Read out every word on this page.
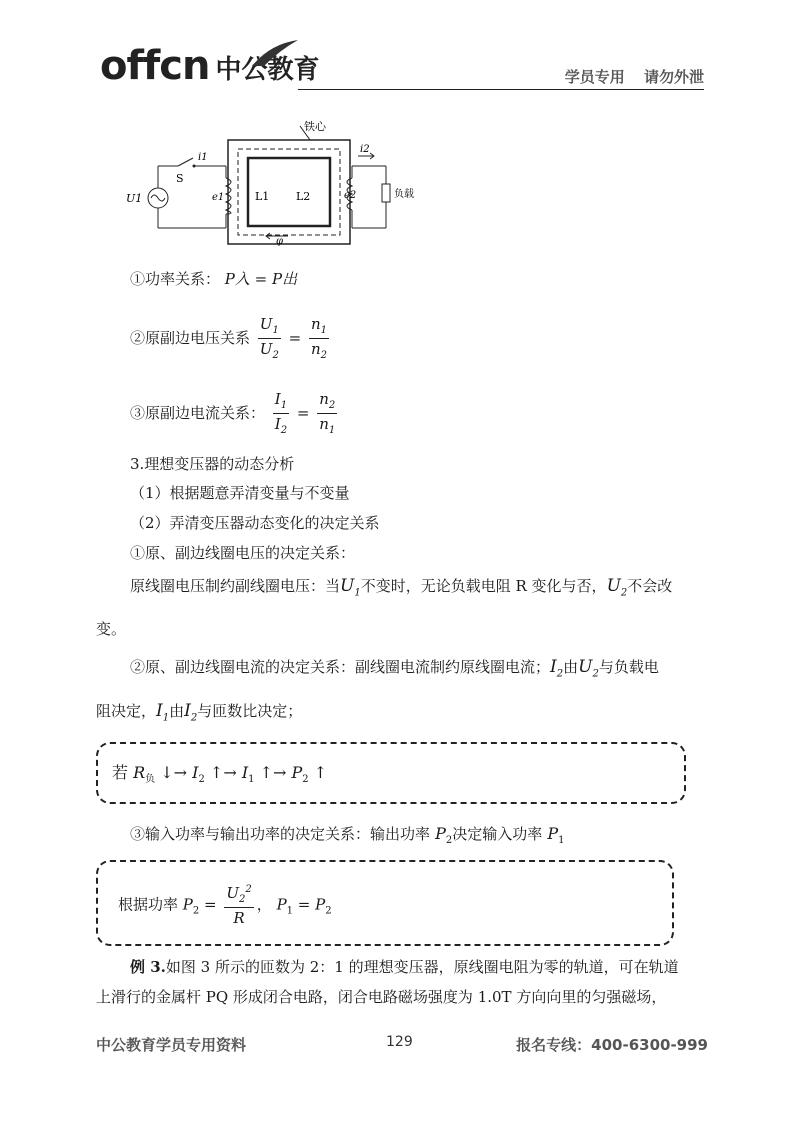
offcn 中公教育	学员专用 请勿外泄
铁心
U1
S
i1
e1	L1
i2
e2
L2	负载
φ
①功率关系： P入 = P出
②原副边电压关系 $\frac{U_1}{U_2} = \frac{n_1}{n_2}$
③原副边电流关系： $\frac{I_1}{I_2} = \frac{n_2}{n_1}$
3.理想变压器的动态分析
（1）根据题意弄清变量与不变量
（2）弄清变压器动态变化的决定关系
①原、副边线圈电压的决定关系：
原线圈电压制约副线圈电压：当$U_1$不变时，无论负载电阻 R 变化与否，$U_2$不会改
变。
②原、副边线圈电流的决定关系：副线圈电流制约原线圈电流；$I_2$由$U_2$与负载电
阻决定，$I_1$由$I_2$与匝数比决定；
若 $R_负$ ↓→ $I_2$ ↑→ $I_1$ ↑→ $P_2$ ↑
③输入功率与输出功率的决定关系：输出功率 $P_2$决定输入功率 $P_1$
根据功率 $P_2 = \frac{U_2^2}{R}$ ， $P_1 = P_2$
例 3.如图 3 所示的匝数为 2：1 的理想变压器，原线圈电阻为零的轨道，可在轨道
上滑行的金属杆 PQ 形成闭合电路，闭合电路磁场强度为 1.0T 方向向里的匀强磁场，
中公教育学员专用资料	129	报名专线：400-6300-999
